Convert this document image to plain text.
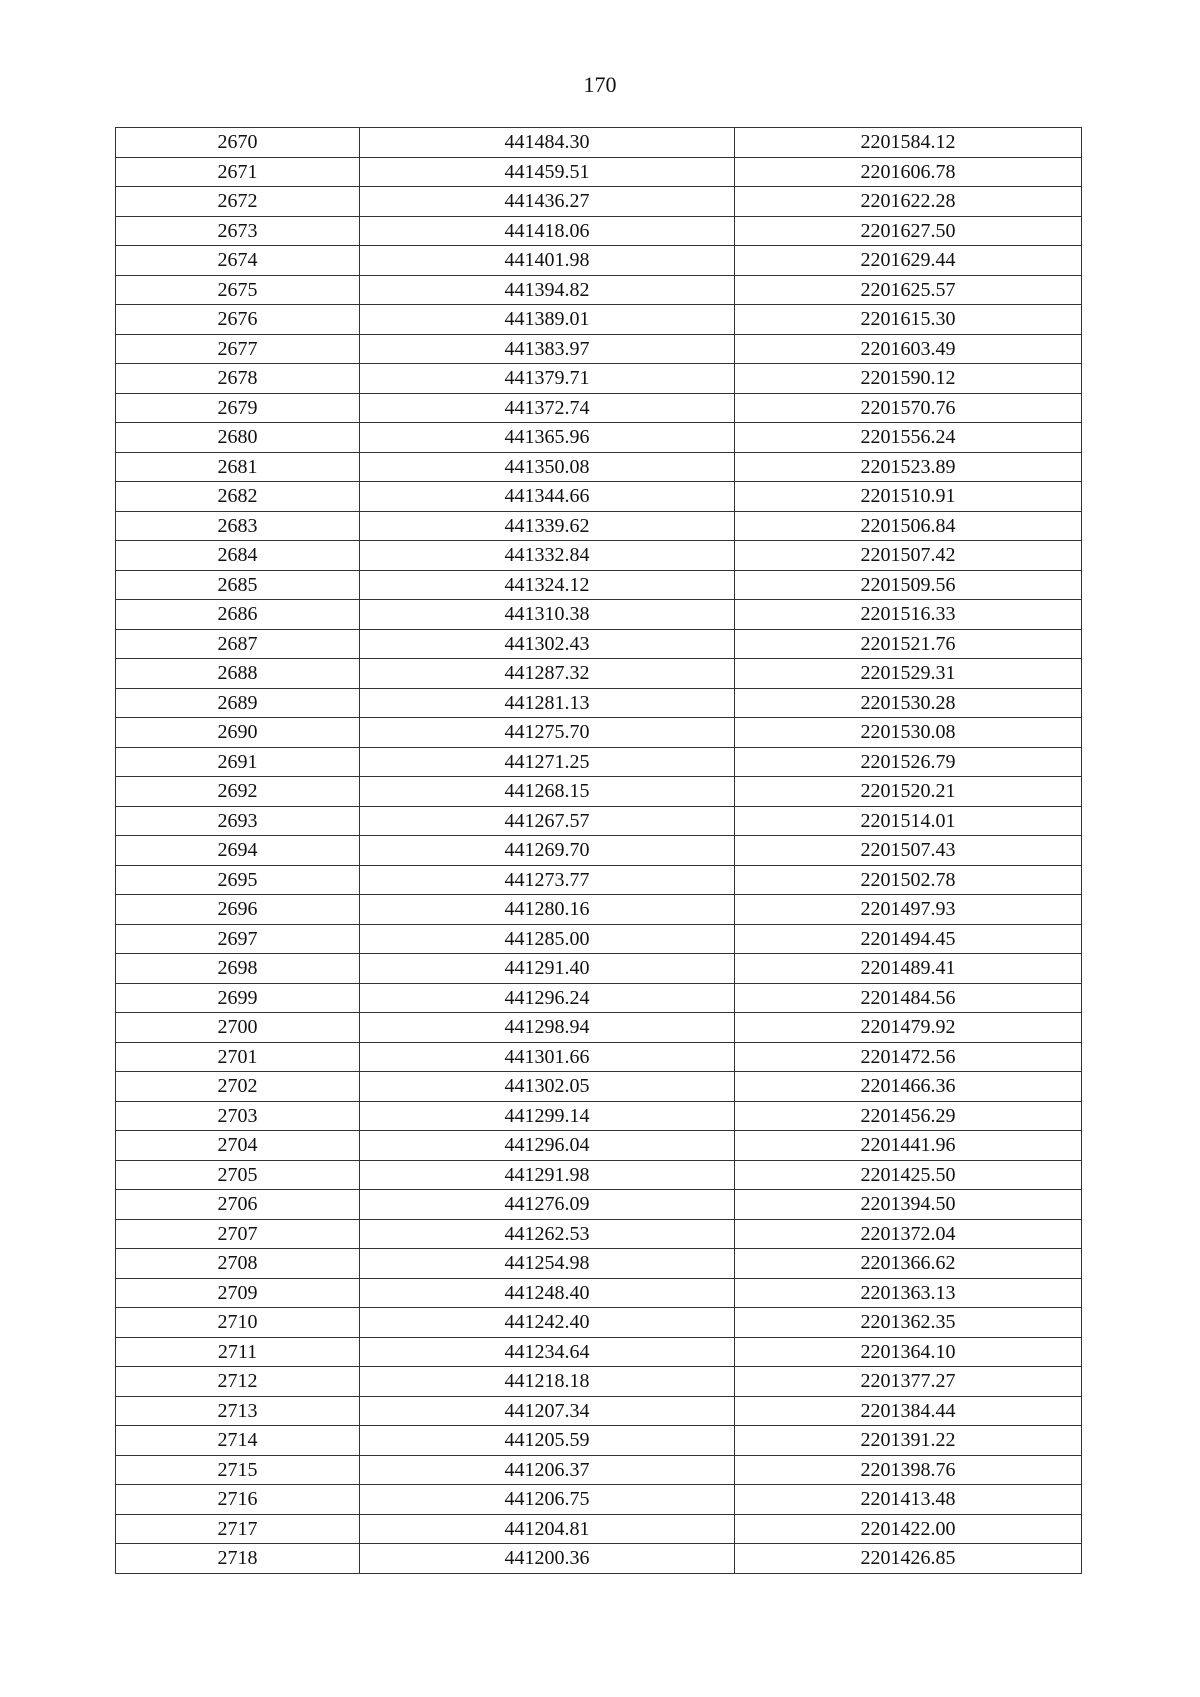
170
2670	441484.30	2201584.12
2671	441459.51	2201606.78
2672	441436.27	2201622.28
2673	441418.06	2201627.50
2674	441401.98	2201629.44
2675	441394.82	2201625.57
2676	441389.01	2201615.30
2677	441383.97	2201603.49
2678	441379.71	2201590.12
2679	441372.74	2201570.76
2680	441365.96	2201556.24
2681	441350.08	2201523.89
2682	441344.66	2201510.91
2683	441339.62	2201506.84
2684	441332.84	2201507.42
2685	441324.12	2201509.56
2686	441310.38	2201516.33
2687	441302.43	2201521.76
2688	441287.32	2201529.31
2689	441281.13	2201530.28
2690	441275.70	2201530.08
2691	441271.25	2201526.79
2692	441268.15	2201520.21
2693	441267.57	2201514.01
2694	441269.70	2201507.43
2695	441273.77	2201502.78
2696	441280.16	2201497.93
2697	441285.00	2201494.45
2698	441291.40	2201489.41
2699	441296.24	2201484.56
2700	441298.94	2201479.92
2701	441301.66	2201472.56
2702	441302.05	2201466.36
2703	441299.14	2201456.29
2704	441296.04	2201441.96
2705	441291.98	2201425.50
2706	441276.09	2201394.50
2707	441262.53	2201372.04
2708	441254.98	2201366.62
2709	441248.40	2201363.13
2710	441242.40	2201362.35
2711	441234.64	2201364.10
2712	441218.18	2201377.27
2713	441207.34	2201384.44
2714	441205.59	2201391.22
2715	441206.37	2201398.76
2716	441206.75	2201413.48
2717	441204.81	2201422.00
2718	441200.36	2201426.85
